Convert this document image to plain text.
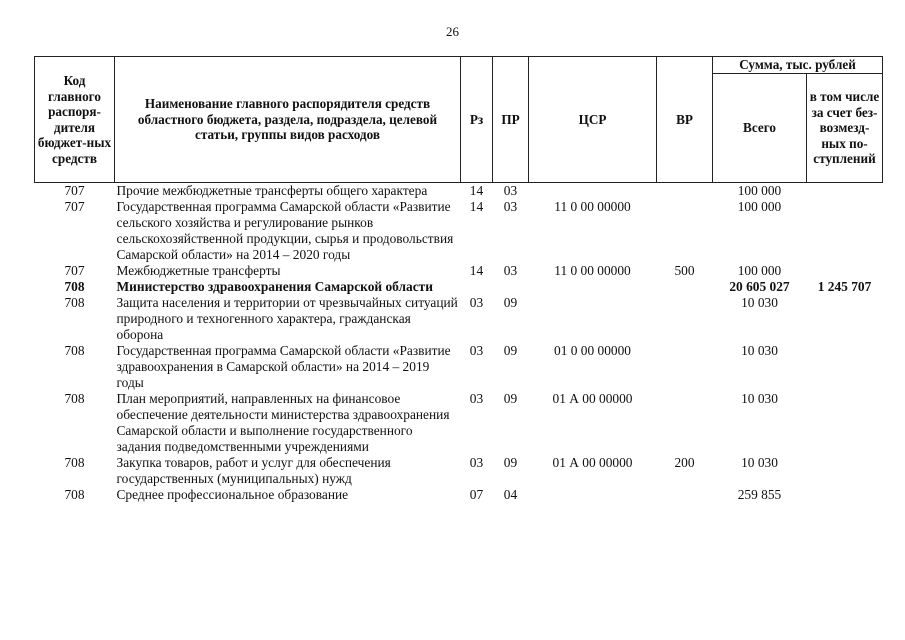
26
Код главного распоря-дителя бюджет-ных средств	Наименование главного распорядителя средств областного бюджета, раздела, подраздела, целевой статьи, группы видов расходов	Рз	ПР	ЦСР	ВР	Сумма, тыс. рублей	
						Всего	в том числе за счет без-возмезд-ных по-ступлений
707	Прочие межбюджетные трансферты общего характера	14	03			100 000	
707	Государственная программа Самарской области «Развитие сельского хозяйства и регулирование рынков сельскохозяйственной продукции, сырья и продовольствия Самарской области» на 2014 – 2020 годы	14	03	11 0 00 00000		100 000	
707	Межбюджетные трансферты	14	03	11 0 00 00000	500	100 000	
708	Министерство здравоохранения Самарской области					20 605 027	1 245 707
708	Защита населения и территории от чрезвычайных ситуаций природного и техногенного характера, гражданская оборона	03	09			10 030	
708	Государственная программа Самарской области «Развитие здравоохранения в Самарской области» на 2014 – 2019 годы	03	09	01 0 00 00000		10 030	
708	План мероприятий, направленных на финансовое обеспечение деятельности министерства здравоохранения Самарской области и выполнение государственного задания подведомственными учреждениями	03	09	01 А 00 00000		10 030	
708	Закупка товаров, работ и услуг для обеспечения государственных (муниципальных) нужд	03	09	01 А 00 00000	200	10 030	
708	Среднее профессиональное образование	07	04			259 855	
